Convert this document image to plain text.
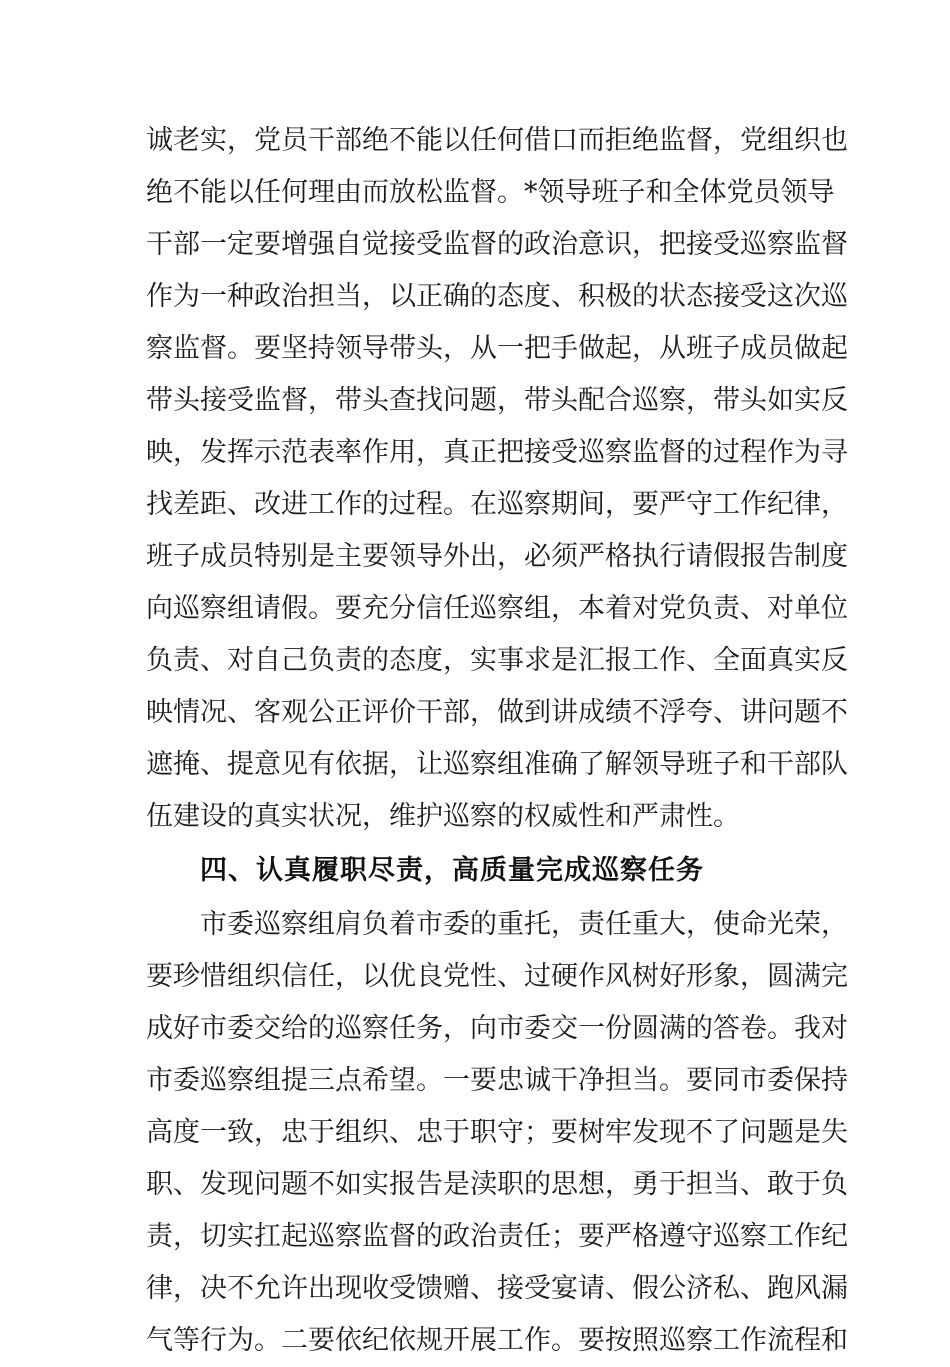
诚老实，党员干部绝不能以任何借口而拒绝监督，党组织也
绝不能以任何理由而放松监督。*领导班子和全体党员领导
干部一定要增强自觉接受监督的政治意识，把接受巡察监督
作为一种政治担当，以正确的态度、积极的状态接受这次巡
察监督。要坚持领导带头，从一把手做起，从班子成员做起
带头接受监督，带头查找问题，带头配合巡察，带头如实反
映，发挥示范表率作用，真正把接受巡察监督的过程作为寻
找差距、改进工作的过程。在巡察期间，要严守工作纪律，
班子成员特别是主要领导外出，必须严格执行请假报告制度
向巡察组请假。要充分信任巡察组，本着对党负责、对单位
负责、对自己负责的态度，实事求是汇报工作、全面真实反
映情况、客观公正评价干部，做到讲成绩不浮夸、讲问题不
遮掩、提意见有依据，让巡察组准确了解领导班子和干部队
伍建设的真实状况，维护巡察的权威性和严肃性。
四、认真履职尽责，高质量完成巡察任务
市委巡察组肩负着市委的重托，责任重大，使命光荣，
要珍惜组织信任，以优良党性、过硬作风树好形象，圆满完
成好市委交给的巡察任务，向市委交一份圆满的答卷。我对
市委巡察组提三点希望。一要忠诚干净担当。要同市委保持
高度一致，忠于组织、忠于职守；要树牢发现不了问题是失
职、发现问题不如实报告是渎职的思想，勇于担当、敢于负
责，切实扛起巡察监督的政治责任；要严格遵守巡察工作纪
律，决不允许出现收受馈赠、接受宴请、假公济私、跑风漏
气等行为。二要依纪依规开展工作。要按照巡察工作流程和
